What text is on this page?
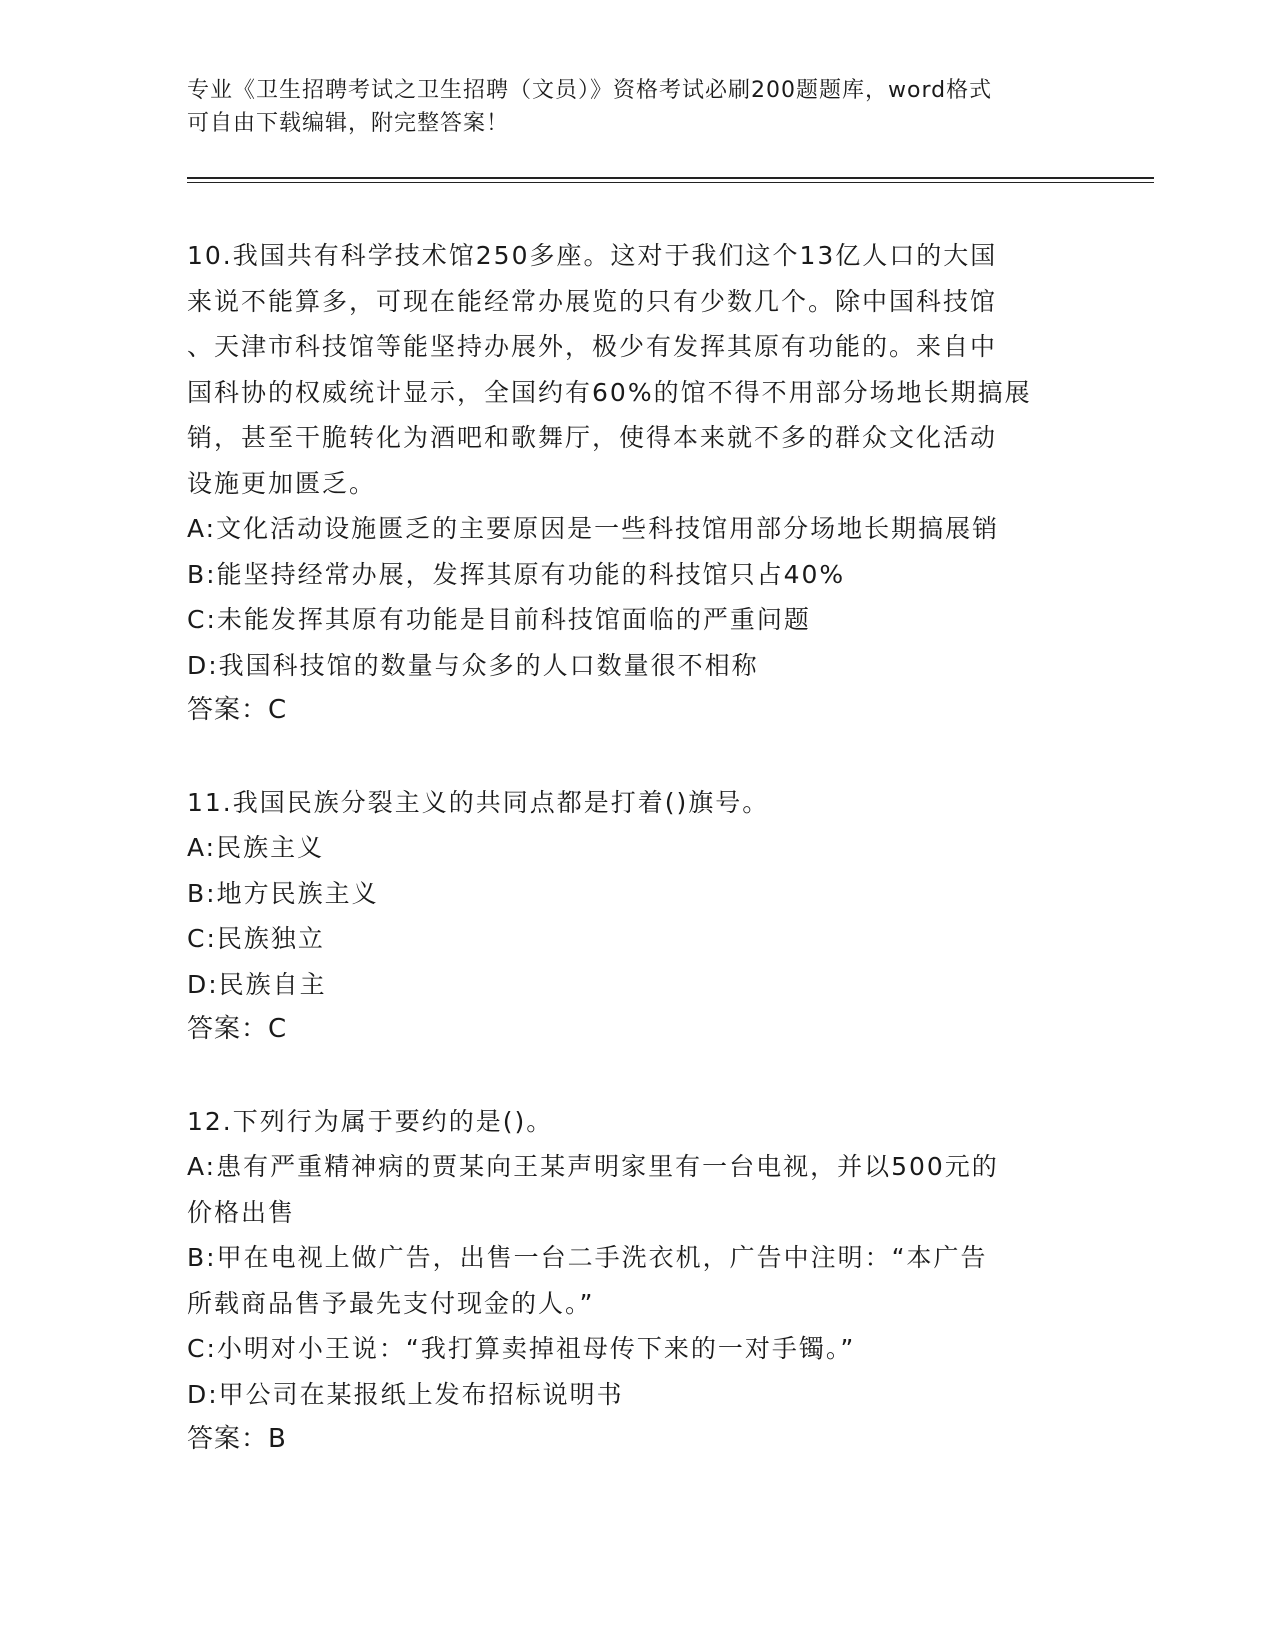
专业《卫生招聘考试之卫生招聘（文员）》资格考试必刷200题题库，word格式
可自由下载编辑，附完整答案！
10.我国共有科学技术馆250多座。这对于我们这个13亿人口的大国
来说不能算多，可现在能经常办展览的只有少数几个。除中国科技馆
、天津市科技馆等能坚持办展外，极少有发挥其原有功能的。来自中
国科协的权威统计显示，全国约有60%的馆不得不用部分场地长期搞展
销，甚至干脆转化为酒吧和歌舞厅，使得本来就不多的群众文化活动
设施更加匮乏。
A:文化活动设施匮乏的主要原因是一些科技馆用部分场地长期搞展销
B:能坚持经常办展，发挥其原有功能的科技馆只占40%
C:未能发挥其原有功能是目前科技馆面临的严重问题
D:我国科技馆的数量与众多的人口数量很不相称
答案：C
11.我国民族分裂主义的共同点都是打着()旗号。
A:民族主义
B:地方民族主义
C:民族独立
D:民族自主
答案：C
12.下列行为属于要约的是()。
A:患有严重精神病的贾某向王某声明家里有一台电视，并以500元的
价格出售
B:甲在电视上做广告，出售一台二手洗衣机，广告中注明：“本广告
所载商品售予最先支付现金的人。”
C:小明对小王说：“我打算卖掉祖母传下来的一对手镯。”
D:甲公司在某报纸上发布招标说明书
答案：B
